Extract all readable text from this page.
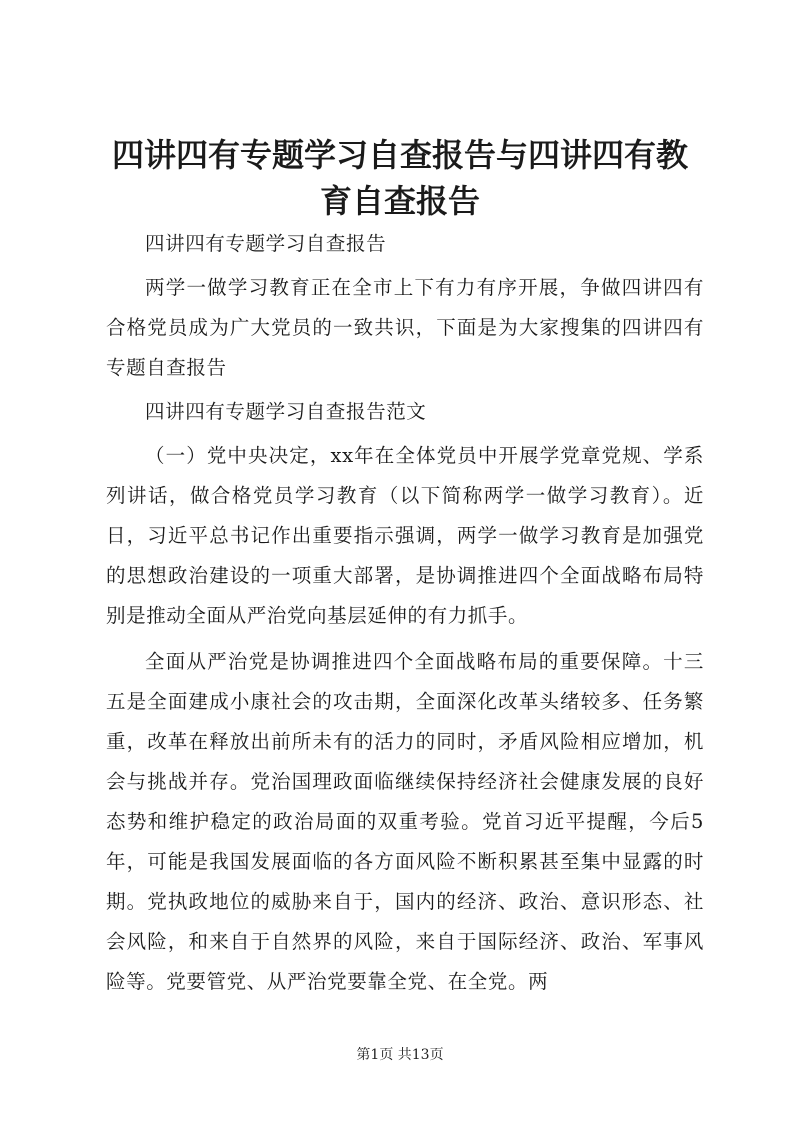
四讲四有专题学习自查报告与四讲四有教育自查报告

四讲四有专题学习自查报告

两学一做学习教育正在全市上下有力有序开展，争做四讲四有合格党员成为广大党员的一致共识，下面是为大家搜集的四讲四有专题自查报告

四讲四有专题学习自查报告范文

（一）党中央决定，xx年在全体党员中开展学党章党规、学系列讲话，做合格党员学习教育（以下简称两学一做学习教育）。近日，习近平总书记作出重要指示强调，两学一做学习教育是加强党的思想政治建设的一项重大部署，是协调推进四个全面战略布局特别是推动全面从严治党向基层延伸的有力抓手。

全面从严治党是协调推进四个全面战略布局的重要保障。十三五是全面建成小康社会的攻击期，全面深化改革头绪较多、任务繁重，改革在释放出前所未有的活力的同时，矛盾风险相应增加，机会与挑战并存。党治国理政面临继续保持经济社会健康发展的良好态势和维护稳定的政治局面的双重考验。党首习近平提醒，今后5年，可能是我国发展面临的各方面风险不断积累甚至集中显露的时期。党执政地位的威胁来自于，国内的经济、政治、意识形态、社会风险，和来自于自然界的风险，来自于国际经济、政治、军事风险等。党要管党、从严治党要靠全党、在全党。两

第1页 共13页
